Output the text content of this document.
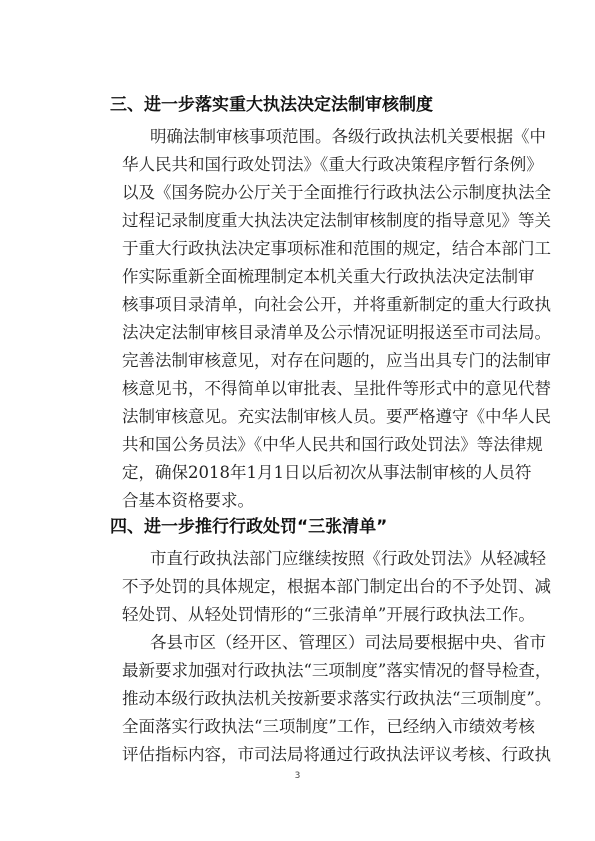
三、进一步落实重大执法决定法制审核制度
明确法制审核事项范围。各级行政执法机关要根据《中
华人民共和国行政处罚法》《重大行政决策程序暂行条例》
以及《国务院办公厅关于全面推行行政执法公示制度执法全
过程记录制度重大执法决定法制审核制度的指导意见》等关
于重大行政执法决定事项标准和范围的规定，结合本部门工
作实际重新全面梳理制定本机关重大行政执法决定法制审
核事项目录清单，向社会公开，并将重新制定的重大行政执
法决定法制审核目录清单及公示情况证明报送至市司法局。
完善法制审核意见，对存在问题的，应当出具专门的法制审
核意见书，不得简单以审批表、呈批件等形式中的意见代替
法制审核意见。充实法制审核人员。要严格遵守《中华人民
共和国公务员法》《中华人民共和国行政处罚法》等法律规
定，确保2018年1月1日以后初次从事法制审核的人员符
合基本资格要求。
四、进一步推行行政处罚“三张清单”
市直行政执法部门应继续按照《行政处罚法》从轻减轻
不予处罚的具体规定，根据本部门制定出台的不予处罚、减
轻处罚、从轻处罚情形的“三张清单”开展行政执法工作。
各县市区（经开区、管理区）司法局要根据中央、省市
最新要求加强对行政执法“三项制度”落实情况的督导检查，
推动本级行政执法机关按新要求落实行政执法“三项制度”。
全面落实行政执法“三项制度”工作，已经纳入市绩效考核
评估指标内容，市司法局将通过行政执法评议考核、行政执
3
